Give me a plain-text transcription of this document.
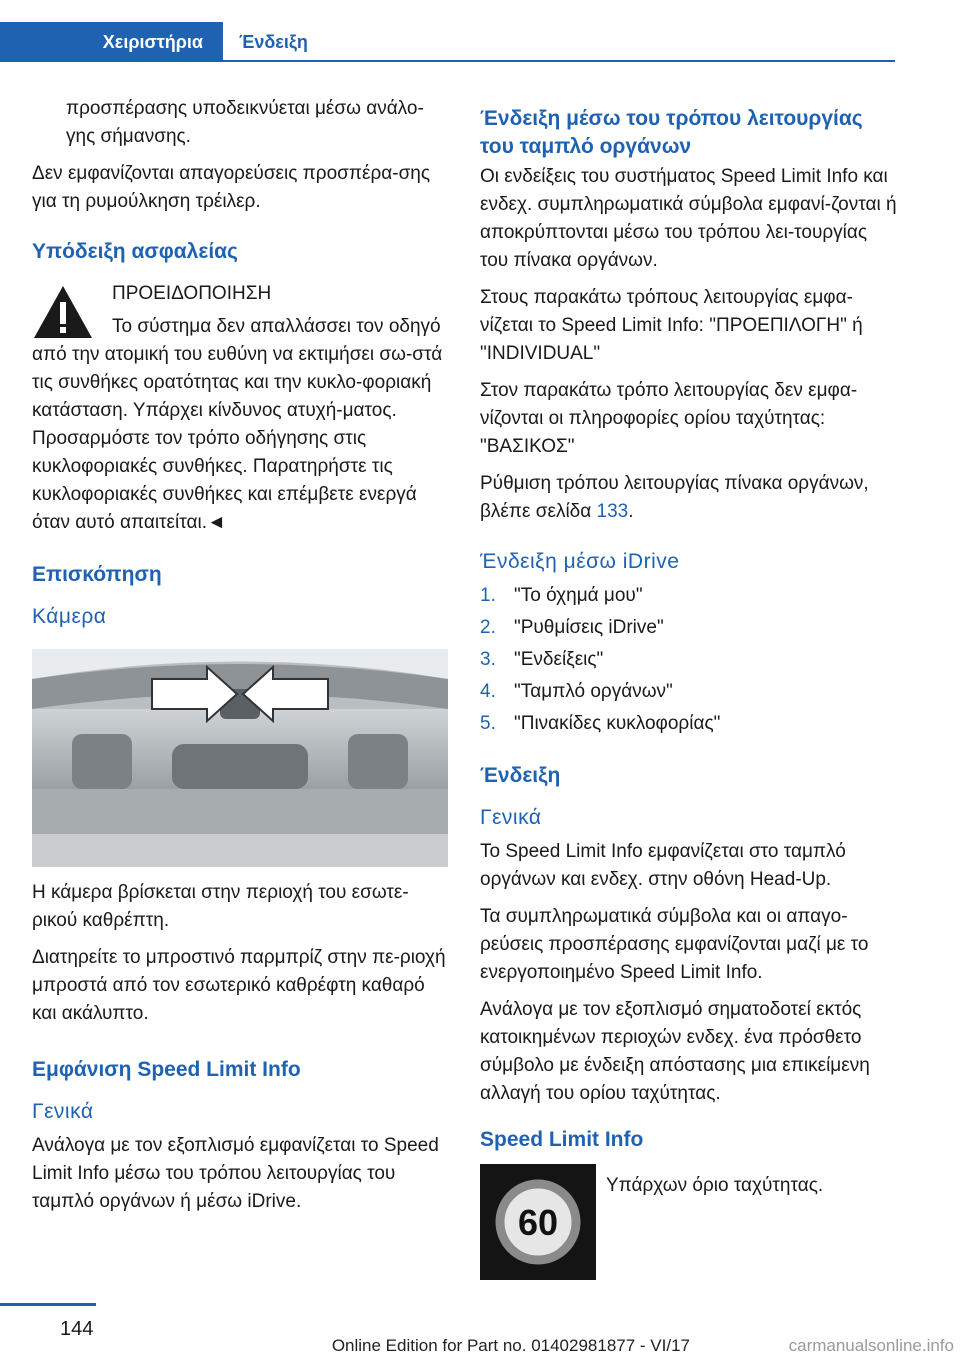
Χειριστήρια	Ένδειξη

προσπέρασης υποδεικνύεται μέσω ανάλο-γης σήμανσης.

Δεν εμφανίζονται απαγορεύσεις προσπέρα-σης για τη ρυμούλκηση τρέιλερ.

Υπόδειξη ασφαλείας

ΠΡΟΕΙΔΟΠΟΙΗΣΗ

Το σύστημα δεν απαλλάσσει τον οδηγό από την ατομική του ευθύνη να εκτιμήσει σω-στά τις συνθήκες ορατότητας και την κυκλο-φοριακή κατάσταση. Υπάρχει κίνδυνος ατυχή-ματος. Προσαρμόστε τον τρόπο οδήγησης στις κυκλοφοριακές συνθήκες. Παρατηρήστε τις κυκλοφοριακές συνθήκες και επέμβετε ενεργά όταν αυτό απαιτείται.◄

Επισκόπηση
Κάμερα

Η κάμερα βρίσκεται στην περιοχή του εσωτε-ρικού καθρέπτη.

Διατηρείτε το μπροστινό παρμπρίζ στην πε-ριοχή μπροστά από τον εσωτερικό καθρέφτη καθαρό και ακάλυπτο.

Εμφάνιση Speed Limit Info
Γενικά

Ανάλογα με τον εξοπλισμό εμφανίζεται το Speed Limit Info μέσω του τρόπου λειτουργίας του ταμπλό οργάνων ή μέσω iDrive.

Ένδειξη μέσω του τρόπου λειτουργίας του ταμπλό οργάνων

Οι ενδείξεις του συστήματος Speed Limit Info και ενδεχ. συμπληρωματικά σύμβολα εμφανί-ζονται ή αποκρύπτονται μέσω του τρόπου λει-τουργίας του πίνακα οργάνων.

Στους παρακάτω τρόπους λειτουργίας εμφα-νίζεται το Speed Limit Info: "ΠΡΟΕΠΙΛΟΓΗ" ή "INDIVIDUAL"

Στον παρακάτω τρόπο λειτουργίας δεν εμφα-νίζονται οι πληροφορίες ορίου ταχύτητας: "ΒΑΣΙΚΟΣ"

Ρύθμιση τρόπου λειτουργίας πίνακα οργάνων, βλέπε σελίδα 133.

Ένδειξη μέσω iDrive
1. "Το όχημά μου"
2. "Ρυθμίσεις iDrive"
3. "Ενδείξεις"
4. "Ταμπλό οργάνων"
5. "Πινακίδες κυκλοφορίας"
Ένδειξη
Γενικά

Το Speed Limit Info εμφανίζεται στο ταμπλό οργάνων και ενδεχ. στην οθόνη Head-Up.

Τα συμπληρωματικά σύμβολα και οι απαγο-ρεύσεις προσπέρασης εμφανίζονται μαζί με το ενεργοποιημένο Speed Limit Info.

Ανάλογα με τον εξοπλισμό σηματοδοτεί εκτός κατοικημένων περιοχών ενδεχ. ένα πρόσθετο σύμβολο με ένδειξη απόστασης μια επικείμενη αλλαγή του ορίου ταχύτητας.

Speed Limit Info
60

Υπάρχων όριο ταχύτητας.

144
Online Edition for Part no. 01402981877 - VI/17	carmanualsonline.info
